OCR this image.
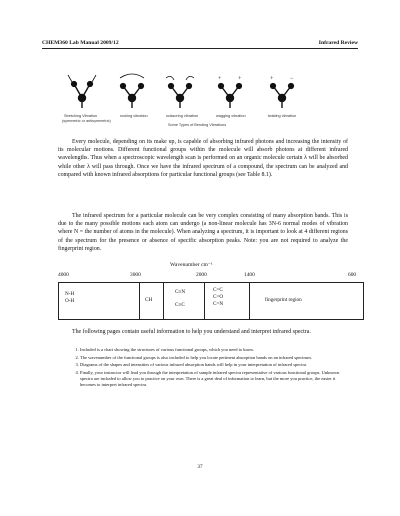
CHEM360 Lab Manual 2009/12	Infrared Review
+	+	+	−
Stretching Vibration
(symmetric or antisymmetric)
rocking vibration	scissoring vibration	wagging vibration	twisting vibration
Some Types of Bending Vibrations
Every molecule, depending on its make up, is capable of absorbing infrared photons and increasing the intensity of its molecular motions. Different functional groups within the molecule will absorb photons at different infrared wavelengths. Thus when a spectroscopic wavelength scan is performed on an organic molecule certain λ will be absorbed while other λ will pass through. Once we have the infrared spectrum of a compound, the spectrum can be analyzed and compared with known infrared absorptions for particular functional groups (see Table 8.1).
The infrared spectrum for a particular molecule can be very complex consisting of many absorption bands. This is due to the many possible motions each atom can undergo (a non-linear molecule has 3N-6 normal modes of vibration where N = the number of atoms in the molecule). When analyzing a spectrum, it is important to look at 4 different regions of the spectrum for the presence or absence of specific absorption peaks. Note: you are not required to analyze the fingerprint region.
Wavenumber cm⁻¹
4000	3000	2000	1400	600
N-H
O-H	CH
C≡N
C≡C
C=C
C=O
C=N
fingerprint region
The following pages contain useful information to help you understand and interpret infrared spectra.
1. Included is a chart showing the structures of various functional groups, which you need to know.
2. The wavenumber of the functional groups is also included to help you locate pertinent absorption bands on an infrared spectrum.
3. Diagrams of the shapes and intensities of various infrared absorption bands will help in your interpretation of infrared spectra.
4. Finally, your instructor will lead you through the interpretation of sample infrared spectra representative of various functional groups. Unknown spectra are included to allow you to practice on your own. There is a great deal of information to learn, but the more you practice, the easier it becomes to interpret infrared spectra.
37
